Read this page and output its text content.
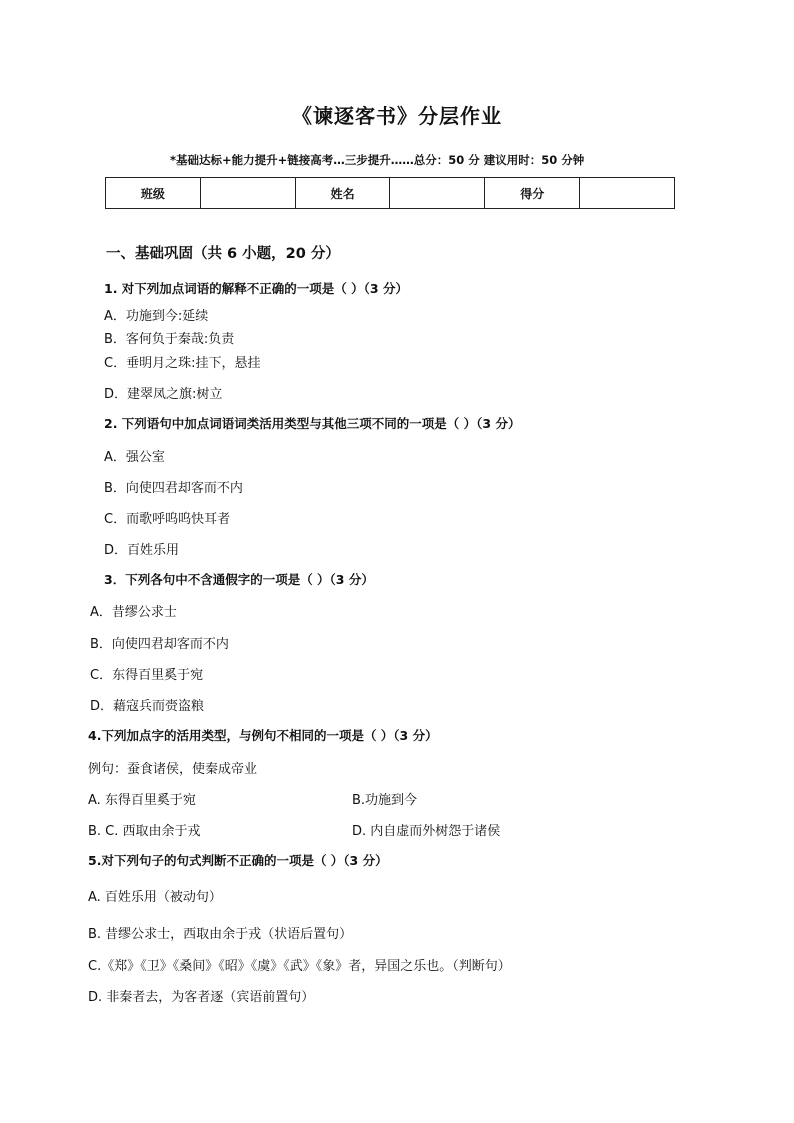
《谏逐客书》分层作业
*基础达标+能力提升+链接高考…三步提升……总分：50 分 建议用时：50 分钟
班级		姓名		得分	
一、基础巩固（共 6 小题，20 分）
1. 对下列加点词语的解释不正确的一项是（ ）（3 分）
A．功施到今:延续
B．客何负于秦哉:负责
C．垂明月之珠:挂下，悬挂
D．建翠凤之旗:树立
2. 下列语句中加点词语词类活用类型与其他三项不同的一项是（ ）（3 分）
A．强公室
B．向使四君却客而不内
C．而歌呼呜呜快耳者
D．百姓乐用
3．下列各句中不含通假字的一项是（ ）（3 分）
A．昔缪公求士
B．向使四君却客而不内
C．东得百里奚于宛
D．藉寇兵而赍盗粮
4.下列加点字的活用类型，与例句不相同的一项是（ ）（3 分）
例句：蚕食诸侯，使秦成帝业
A. 东得百里奚于宛	B.功施到今
B. C. 西取由余于戎	D. 内自虚而外树怨于诸侯
5.对下列句子的句式判断不正确的一项是（ ）（3 分）
A. 百姓乐用（被动句）
B. 昔缪公求士，西取由余于戎（状语后置句）
C.《郑》《卫》《桑间》《昭》《虞》《武》《象》者，异国之乐也。（判断句）
D. 非秦者去，为客者逐（宾语前置句）
